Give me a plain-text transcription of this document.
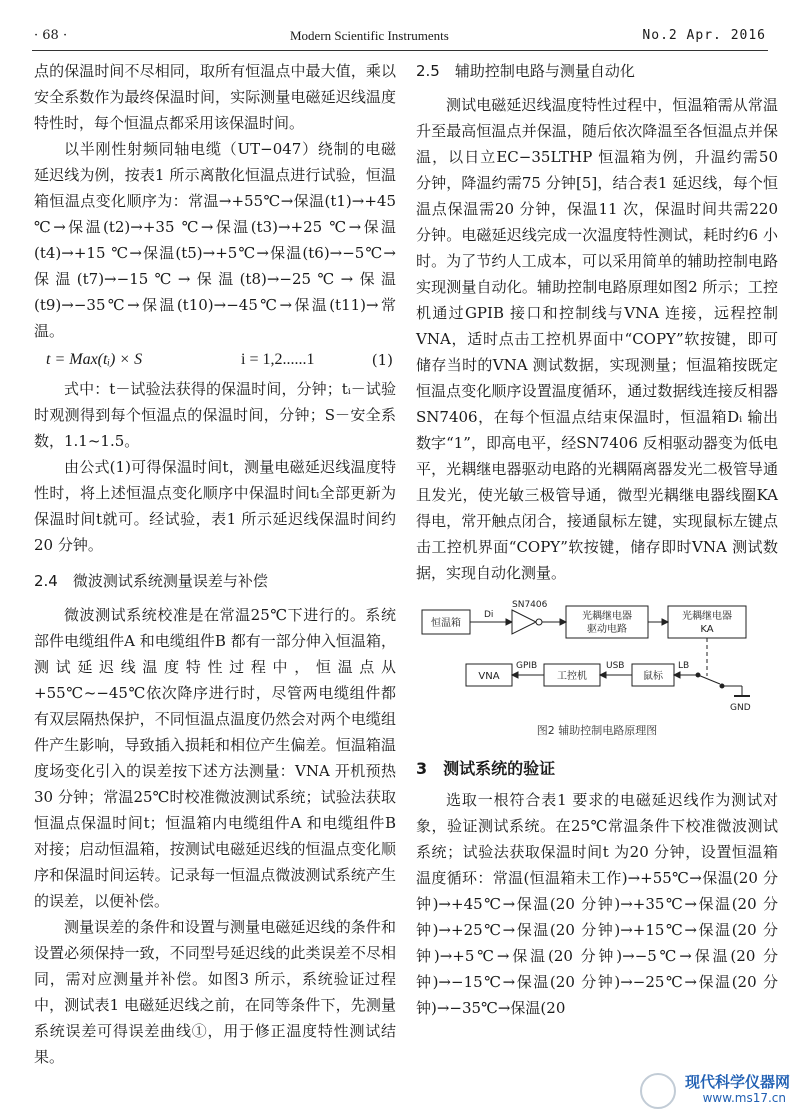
· 68 ·	Modern Scientific Instruments	No.2 Apr. 2016

点的保温时间不尽相同，取所有恒温点中最大值，乘以安全系数作为最终保温时间，实际测量电磁延迟线温度特性时，每个恒温点都采用该保温时间。

以半刚性射频同轴电缆（UT−047）绕制的电磁延迟线为例，按表1 所示离散化恒温点进行试验，恒温箱恒温点变化顺序为：常温→+55℃→保温(t1)→+45 ℃→保温(t2)→+35 ℃→保温(t3)→+25 ℃→保温(t4)→+15 ℃→保温(t5)→+5℃→保温(t6)→−5℃→保温(t7)→−15℃→保温(t8)→−25℃→保温(t9)→−35℃→保温(t10)→−45℃→保温(t11)→常温。

t = Max(tᵢ) × S	i = 1,2......1	(1)

式中：t－试验法获得的保温时间，分钟；tᵢ－试验时观测得到每个恒温点的保温时间，分钟；S－安全系数，1.1~1.5。

由公式(1)可得保温时间t，测量电磁延迟线温度特性时，将上述恒温点变化顺序中保温时间tᵢ全部更新为保温时间t就可。经试验，表1 所示延迟线保温时间约20 分钟。

2.4　微波测试系统测量误差与补偿

微波测试系统校准是在常温25℃下进行的。系统部件电缆组件A 和电缆组件B 都有一部分伸入恒温箱，测试延迟线温度特性过程中，恒温点从+55℃~−45℃依次降序进行时，尽管两电缆组件都有双层隔热保护，不同恒温点温度仍然会对两个电缆组件产生影响，导致插入损耗和相位产生偏差。恒温箱温度场变化引入的误差按下述方法测量：VNA 开机预热30 分钟；常温25℃时校准微波测试系统；试验法获取恒温点保温时间t；恒温箱内电缆组件A 和电缆组件B 对接；启动恒温箱，按测试电磁延迟线的恒温点变化顺序和保温时间运转。记录每一恒温点微波测试系统产生的误差，以便补偿。

测量误差的条件和设置与测量电磁延迟线的条件和设置必须保持一致，不同型号延迟线的此类误差不尽相同，需对应测量并补偿。如图3 所示，系统验证过程中，测试表1 电磁延迟线之前，在同等条件下，先测量系统误差可得误差曲线①，用于修正温度特性测试结果。

2.5　辅助控制电路与测量自动化

测试电磁延迟线温度特性过程中，恒温箱需从常温升至最高恒温点并保温，随后依次降温至各恒温点并保温，以日立EC−35LTHP 恒温箱为例，升温约需50 分钟，降温约需75 分钟[5]，结合表1 延迟线，每个恒温点保温需20 分钟，保温11 次，保温时间共需220 分钟。电磁延迟线完成一次温度特性测试，耗时约6 小时。为了节约人工成本，可以采用简单的辅助控制电路实现测量自动化。辅助控制电路原理如图2 所示；工控机通过GPIB 接口和控制线与VNA 连接，远程控制VNA，适时点击工控机界面中“COPY”软按键，即可储存当时的VNA 测试数据，实现测量；恒温箱按既定恒温点变化顺序设置温度循环，通过数据线连接反相器SN7406，在每个恒温点结束保温时，恒温箱Dᵢ 输出数字“1”，即高电平，经SN7406 反相驱动器变为低电平，光耦继电器驱动电路的光耦隔离器发光二极管导通且发光，使光敏三极管导通，微型光耦继电器线圈KA 得电，常开触点闭合，接通鼠标左键，实现鼠标左键点击工控机界面“COPY”软按键，储存即时VNA 测试数据，实现自动化测量。

恒温箱
Di
SN7406
光耦继电器
驱动电路
光耦继电器
KA
VNA
GPIB
工控机
USB
鼠标
LB
GND
图2 辅助控制电路原理图
3　测试系统的验证

选取一根符合表1 要求的电磁延迟线作为测试对象，验证测试系统。在25℃常温条件下校准微波测试系统；试验法获取保温时间t 为20 分钟，设置恒温箱温度循环：常温(恒温箱未工作)→+55℃→保温(20 分钟)→+45℃→保温(20 分钟)→+35℃→保温(20 分钟)→+25℃→保温(20 分钟)→+15℃→保温(20 分钟)→+5℃→保温(20 分钟)→−5℃→保温(20 分钟)→−15℃→保温(20 分钟)→−25℃→保温(20 分钟)→−35℃→保温(20

现代科学仪器网
www.ms17.cn
